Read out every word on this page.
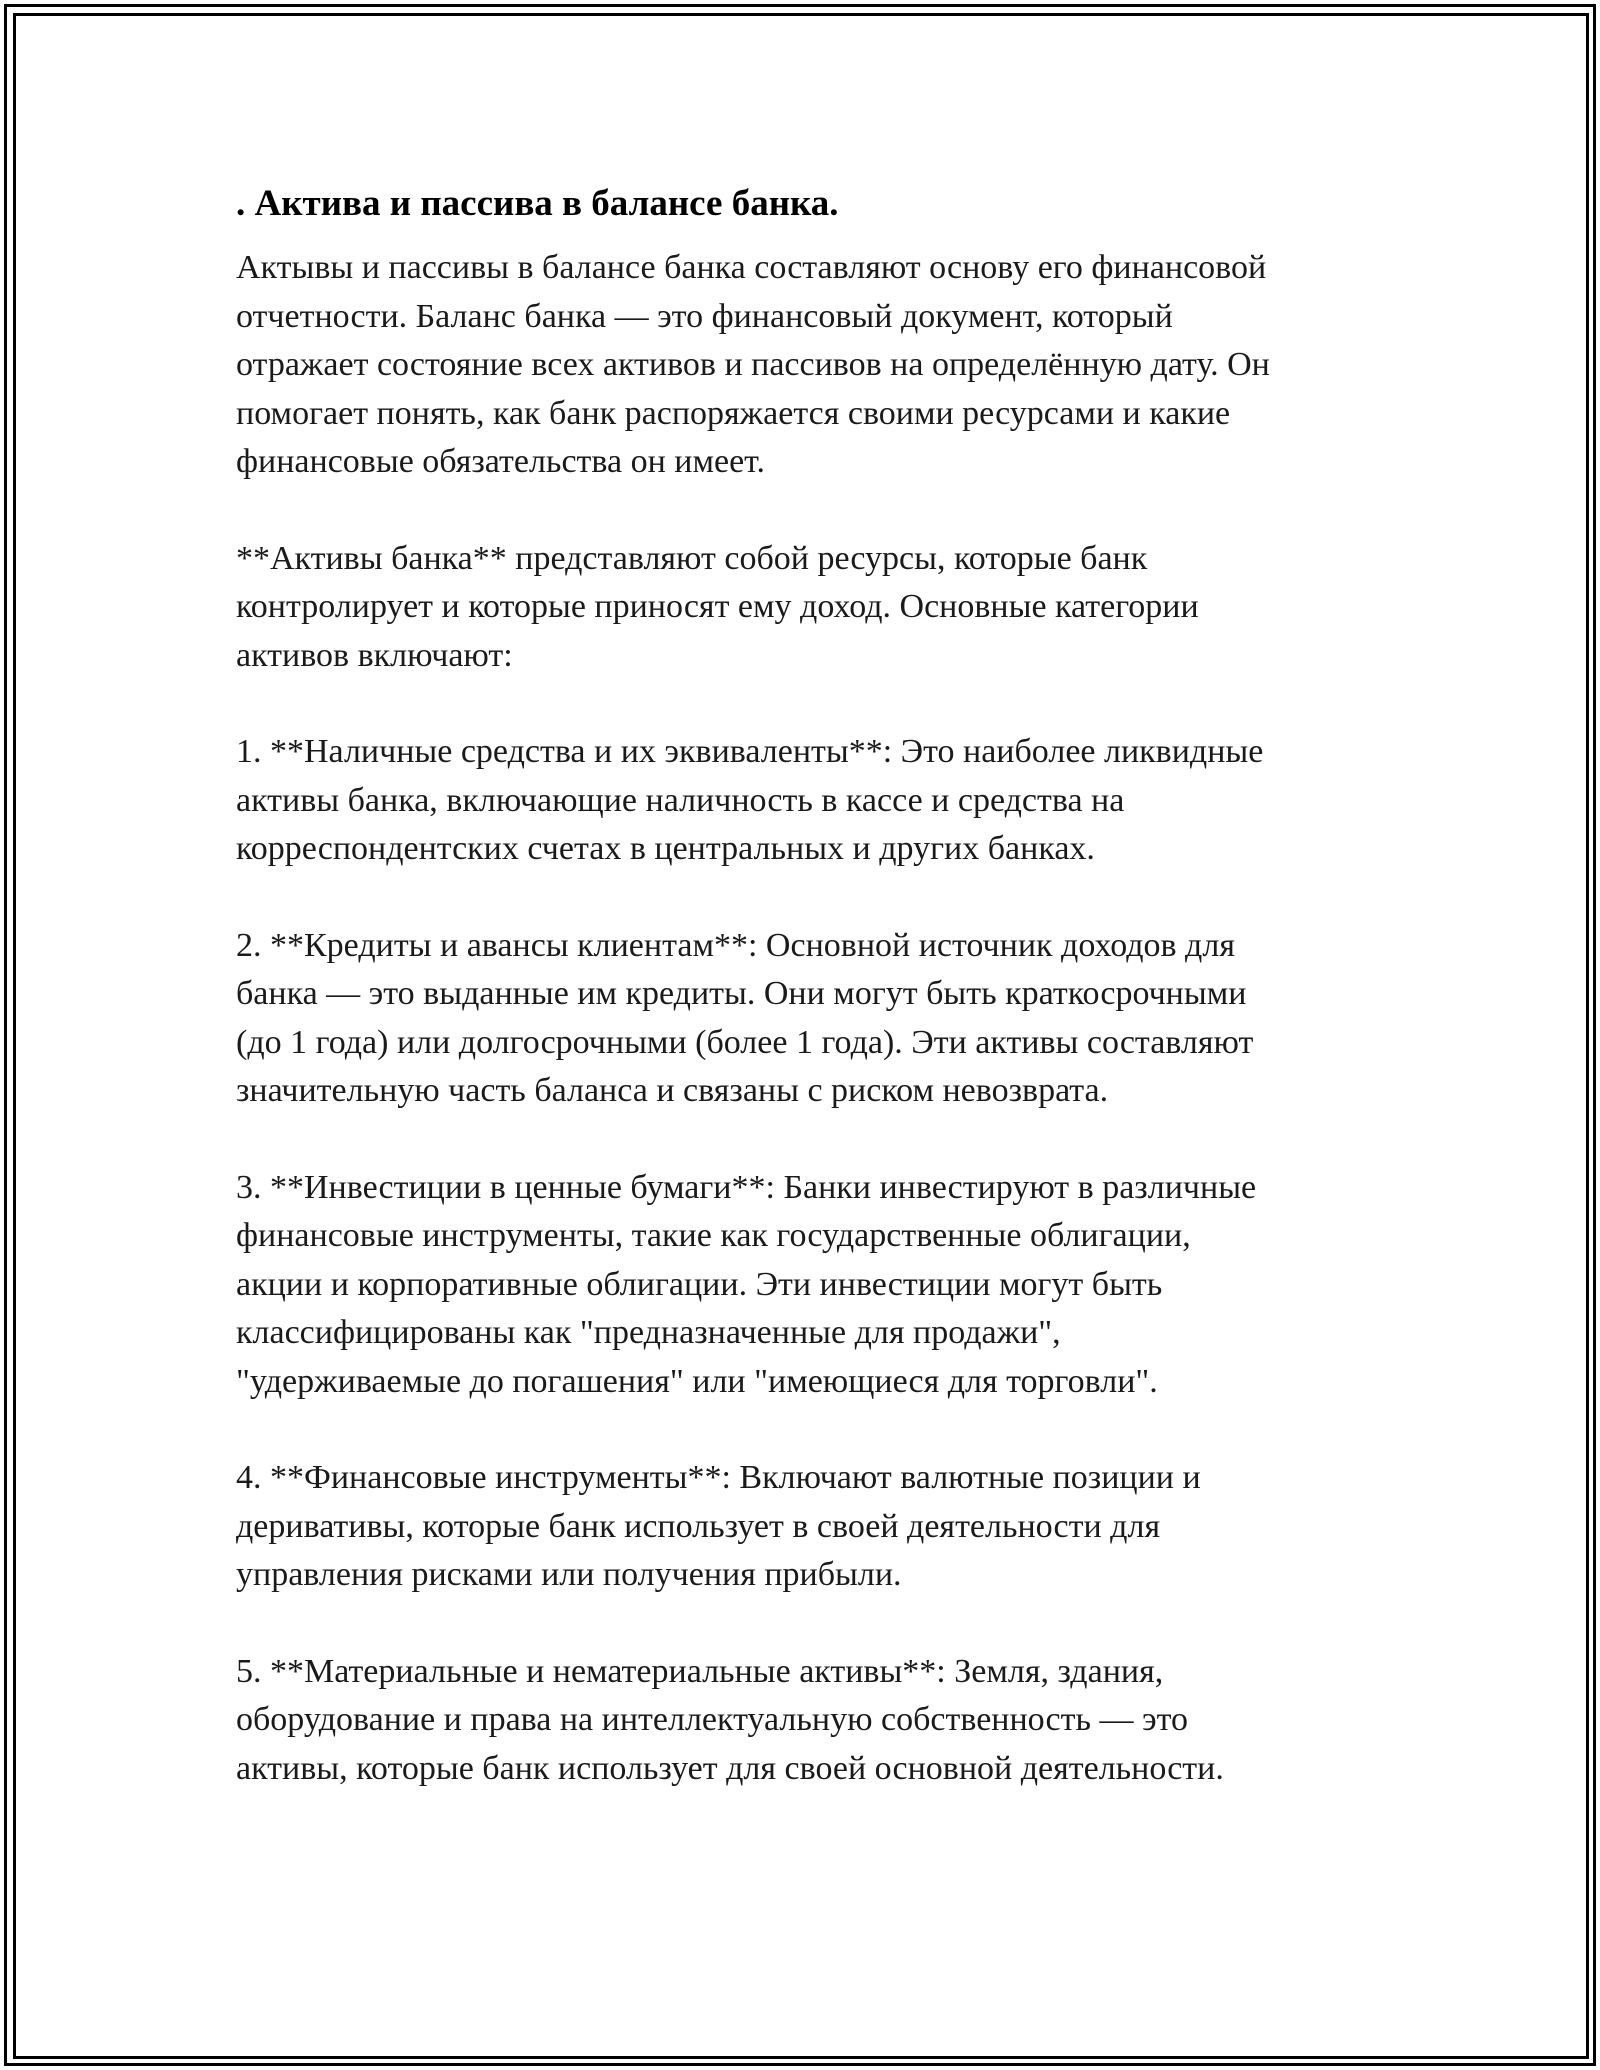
. Актива и пассива в балансе банка.

Актывы и пассивы в балансе банка составляют основу его финансовой
отчетности. Баланс банка — это финансовый документ, который
отражает состояние всех активов и пассивов на определённую дату. Он
помогает понять, как банк распоряжается своими ресурсами и какие
финансовые обязательства он имеет.

**Активы банка** представляют собой ресурсы, которые банк
контролирует и которые приносят ему доход. Основные категории
активов включают:

1. **Наличные средства и их эквиваленты**: Это наиболее ликвидные
активы банка, включающие наличность в кассе и средства на
корреспондентских счетах в центральных и других банках.

2. **Кредиты и авансы клиентам**: Основной источник доходов для
банка — это выданные им кредиты. Они могут быть краткосрочными
(до 1 года) или долгосрочными (более 1 года). Эти активы составляют
значительную часть баланса и связаны с риском невозврата.

3. **Инвестиции в ценные бумаги**: Банки инвестируют в различные
финансовые инструменты, такие как государственные облигации,
акции и корпоративные облигации. Эти инвестиции могут быть
классифицированы как "предназначенные для продажи",
"удерживаемые до погашения" или "имеющиеся для торговли".

4. **Финансовые инструменты**: Включают валютные позиции и
деривативы, которые банк использует в своей деятельности для
управления рисками или получения прибыли.

5. **Материальные и нематериальные активы**: Земля, здания,
оборудование и права на интеллектуальную собственность — это
активы, которые банк использует для своей основной деятельности.
